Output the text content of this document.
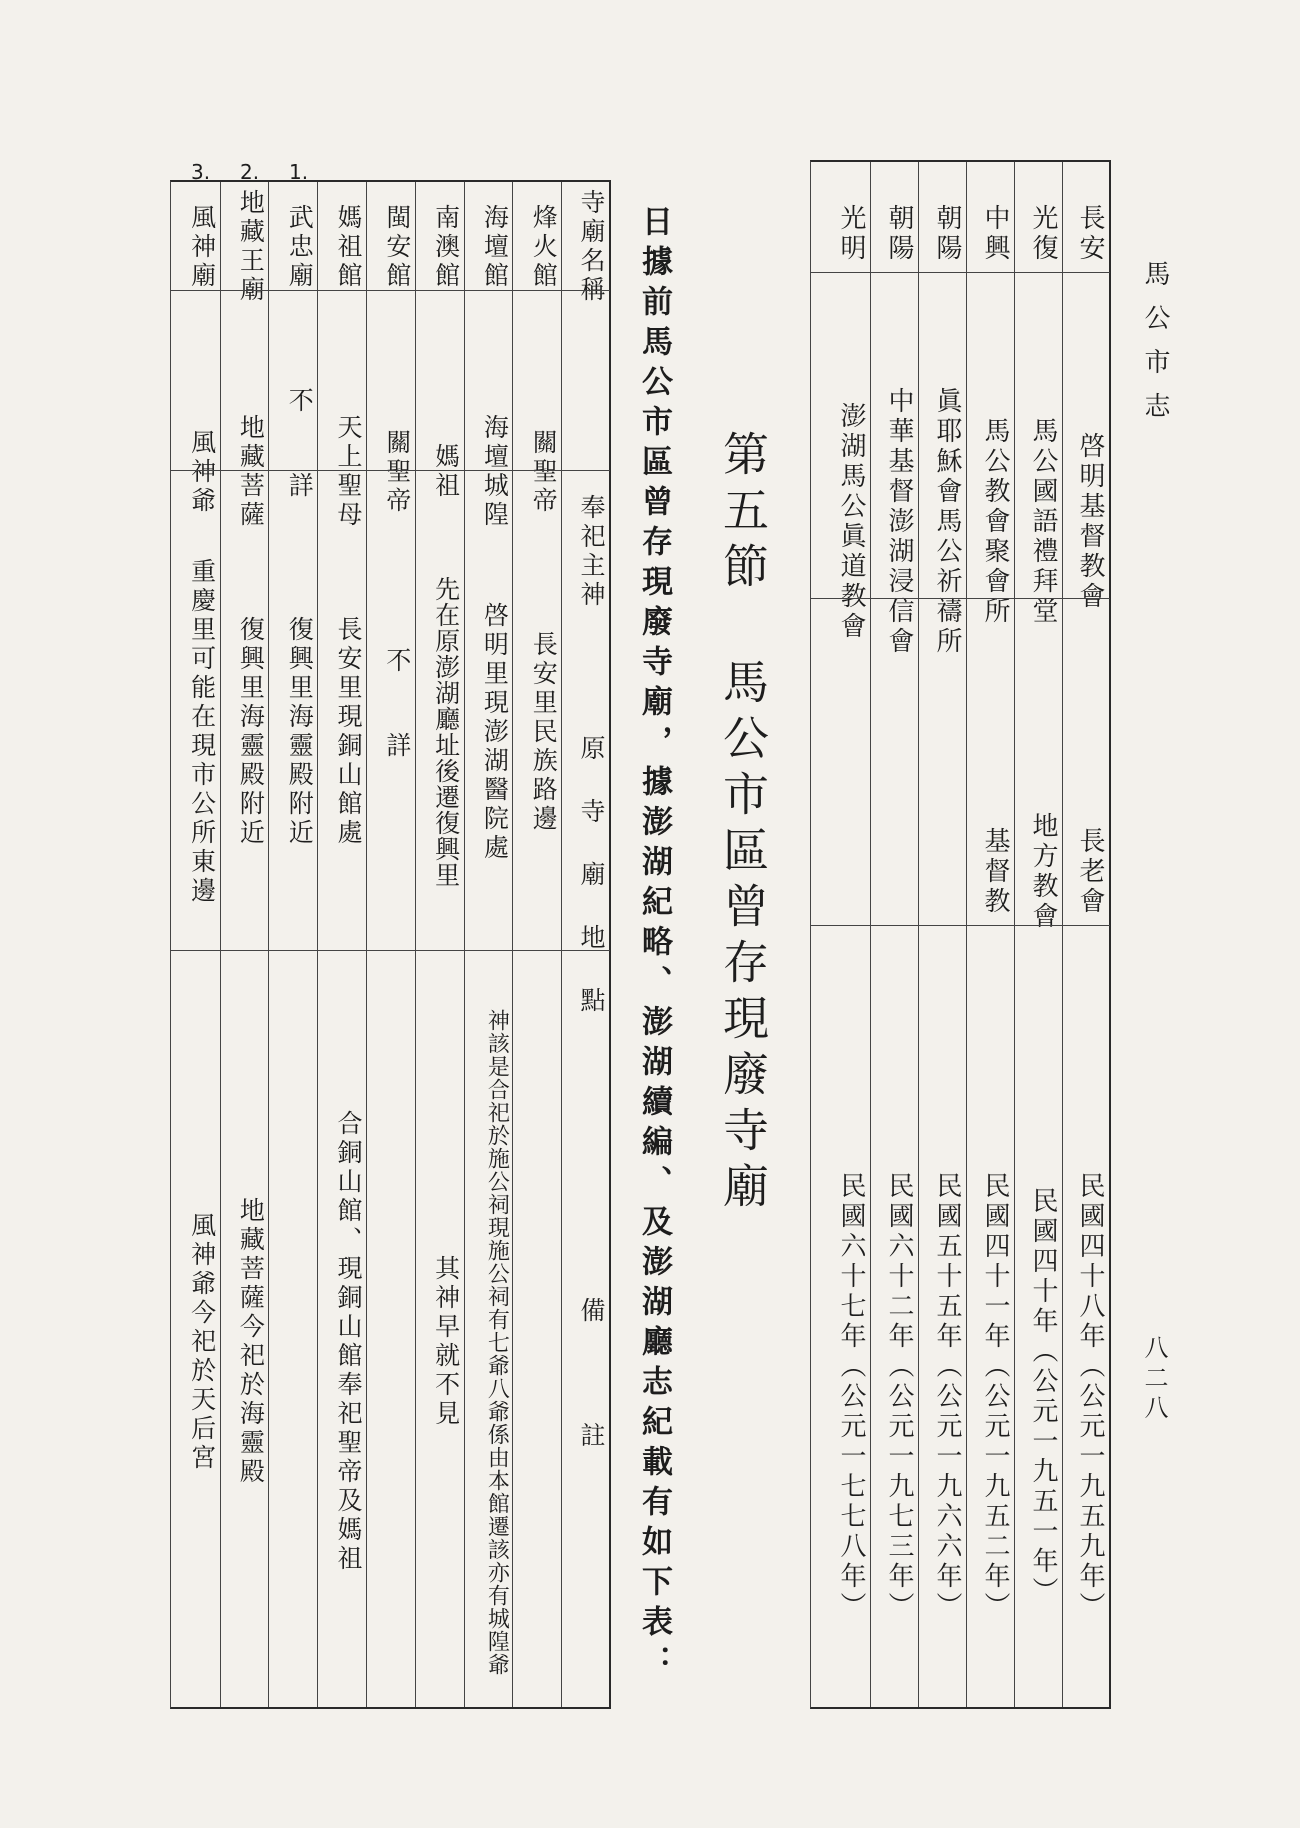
馬公市志
八二八
長安
啓明基督教會
長老會
民國四十八年（公元一九五九年）
光復
馬公國語禮拜堂
地方教會
民國四十年（公元一九五一年）
中興
馬公教會聚會所
基督教
民國四十一年（公元一九五二年）
朝陽
眞耶穌會馬公祈禱所
民國五十五年（公元一九六六年）
朝陽
中華基督澎湖浸信會
民國六十二年（公元一九七三年）
光明
澎湖馬公眞道教會
民國六十七年（公元一七七八年）
第五節馬公市區曾存現廢寺廟
日據前馬公市區曾存現廢寺廟，據澎湖紀略、澎湖續編、及澎湖廳志紀載有如下表：
寺廟名稱
奉祀主神
原寺廟地點
備註
烽火館
關聖帝
長安里民族路邊
海壇館
海壇城隍
啓明里現澎湖醫院處
神該是合祀於施公祠現施公祠有七爺八爺係由本館遷該亦有城隍爺
南澳館
媽祖
先在原澎湖廳址後遷復興里
其神早就不見
閩安館
關聖帝
不詳
媽祖館
天上聖母
長安里現銅山館處
合銅山館、現銅山館奉祀聖帝及媽祖
武忠廟
不詳
復興里海靈殿附近
地藏王廟
地藏菩薩
復興里海靈殿附近
地藏菩薩今祀於海靈殿
風神廟
風神爺
重慶里可能在現市公所東邊
風神爺今祀於天后宮
1.
2.
3.
